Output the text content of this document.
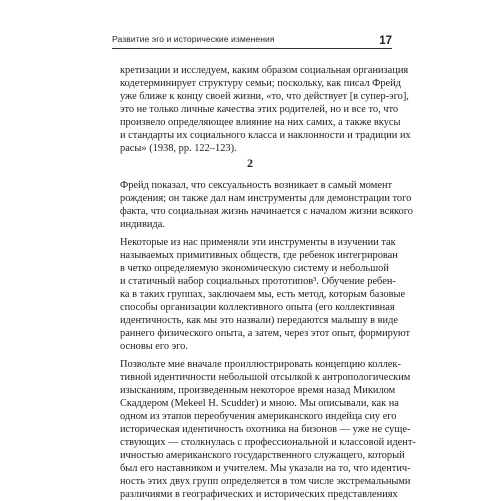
Развитие эго и исторические изменения	17
кретизации и исследуем, каким образом социальная организация
кодетерминирует структуру семьи; поскольку, как писал Фрейд
уже ближе к концу своей жизни, «то, что действует [в супер-эго],
это не только личные качества этих родителей, но и все то, что
произвело определяющее влияние на них самих, а также вкусы
и стандарты их социального класса и наклонности и традиции их
расы» (1938, pp. 122–123).
2
Фрейд показал, что сексуальность возникает в самый момент
рождения; он также дал нам инструменты для демонстрации того
факта, что социальная жизнь начинается с началом жизни всякого
индивида.
Некоторые из нас применяли эти инструменты в изучении так
называемых примитивных обществ, где ребенок интегрирован
в четко определяемую экономическую систему и небольшой
и статичный набор социальных прототипов³. Обучение ребен-
ка в таких группах, заключаем мы, есть метод, которым базовые
способы организации коллективного опыта (его коллективная
идентичность, как мы это назвали) передаются малышу в виде
раннего физического опыта, а затем, через этот опыт, формируют
основы его эго.
Позвольте мне вначале проиллюстрировать концепцию коллек-
тивной идентичности небольшой отсылкой к антропологическим
изысканиям, произведенным некоторое время назад Микилом
Скаддером (Mekeel H. Scudder) и мною. Мы описывали, как на
одном из этапов переобучения американского индейца сиу его
историческая идентичность охотника на бизонов — уже не суще-
ствующих — столкнулась с профессиональной и классовой идент-
ичностью американского государственного служащего, который
был его наставником и учителем. Мы указали на то, что идентич-
ность этих двух групп определяется в том числе экстремальными
различиями в географических и исторических представлениях
